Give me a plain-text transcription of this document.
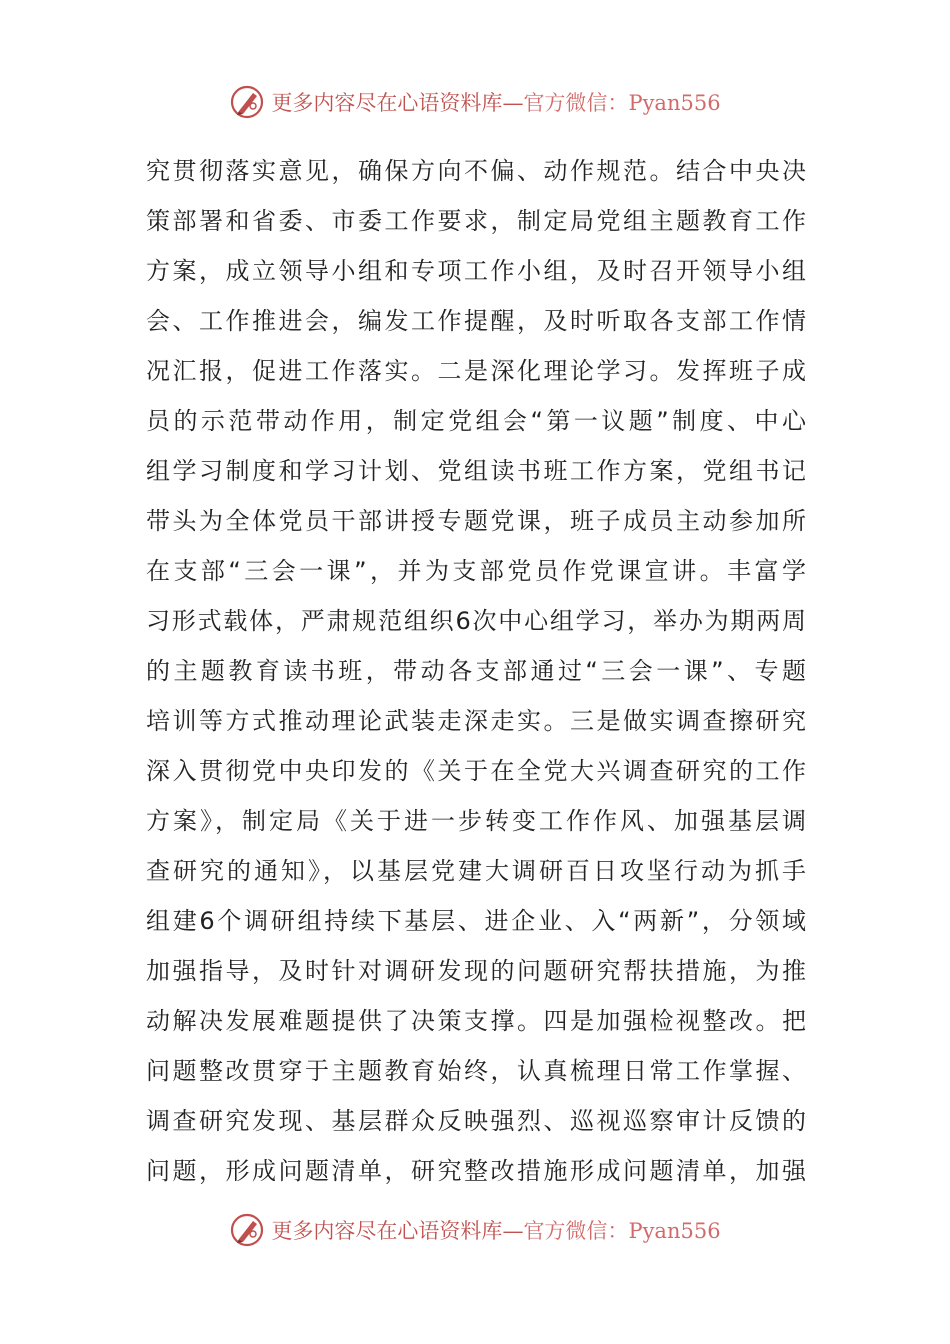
更多内容尽在心语资料库—官方微信：Pyan556
究贯彻落实意见，确保方向不偏、动作规范。结合中央决
策部署和省委、市委工作要求，制定局党组主题教育工作
方案，成立领导小组和专项工作小组，及时召开领导小组
会、工作推进会，编发工作提醒，及时听取各支部工作情
况汇报，促进工作落实。二是深化理论学习。发挥班子成
员的示范带动作用，制定党组会“第一议题”制度、中心
组学习制度和学习计划、党组读书班工作方案，党组书记
带头为全体党员干部讲授专题党课，班子成员主动参加所
在支部“三会一课”，并为支部党员作党课宣讲。丰富学
习形式载体，严肃规范组织6次中心组学习，举办为期两周
的主题教育读书班，带动各支部通过“三会一课”、专题
培训等方式推动理论武装走深走实。三是做实调查擦研究
深入贯彻党中央印发的《关于在全党大兴调查研究的工作
方案》，制定局《关于进一步转变工作作风、加强基层调
查研究的通知》，以基层党建大调研百日攻坚行动为抓手
组建6个调研组持续下基层、进企业、入“两新”，分领域
加强指导，及时针对调研发现的问题研究帮扶措施，为推
动解决发展难题提供了决策支撑。四是加强检视整改。把
问题整改贯穿于主题教育始终，认真梳理日常工作掌握、
调查研究发现、基层群众反映强烈、巡视巡察审计反馈的
问题，形成问题清单，研究整改措施形成问题清单，加强
更多内容尽在心语资料库—官方微信：Pyan556
